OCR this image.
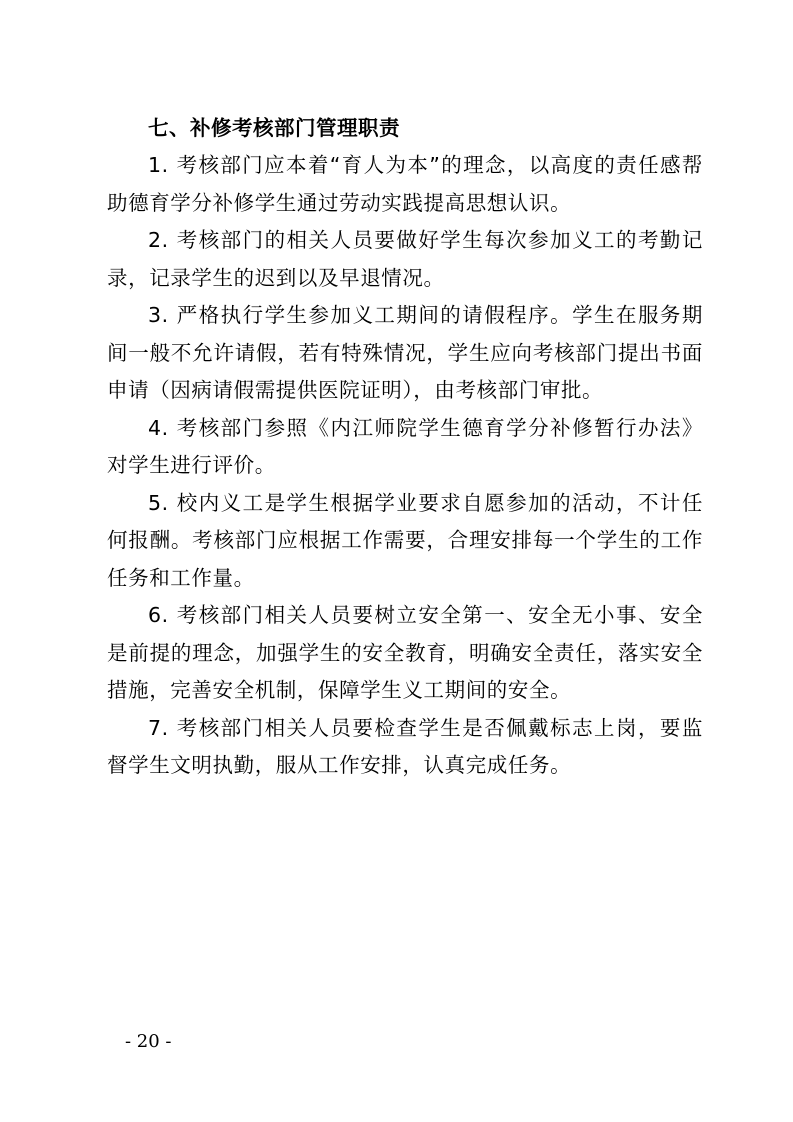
七、补修考核部门管理职责

1. 考核部门应本着“育人为本”的理念，以高度的责任感帮助德育学分补修学生通过劳动实践提高思想认识。

2. 考核部门的相关人员要做好学生每次参加义工的考勤记录，记录学生的迟到以及早退情况。

3. 严格执行学生参加义工期间的请假程序。学生在服务期间一般不允许请假，若有特殊情况，学生应向考核部门提出书面申请（因病请假需提供医院证明），由考核部门审批。

4. 考核部门参照《内江师院学生德育学分补修暂行办法》对学生进行评价。

5. 校内义工是学生根据学业要求自愿参加的活动，不计任何报酬。考核部门应根据工作需要，合理安排每一个学生的工作任务和工作量。

6. 考核部门相关人员要树立安全第一、安全无小事、安全是前提的理念，加强学生的安全教育，明确安全责任，落实安全措施，完善安全机制，保障学生义工期间的安全。

7. 考核部门相关人员要检查学生是否佩戴标志上岗，要监督学生文明执勤，服从工作安排，认真完成任务。

- 20 -
